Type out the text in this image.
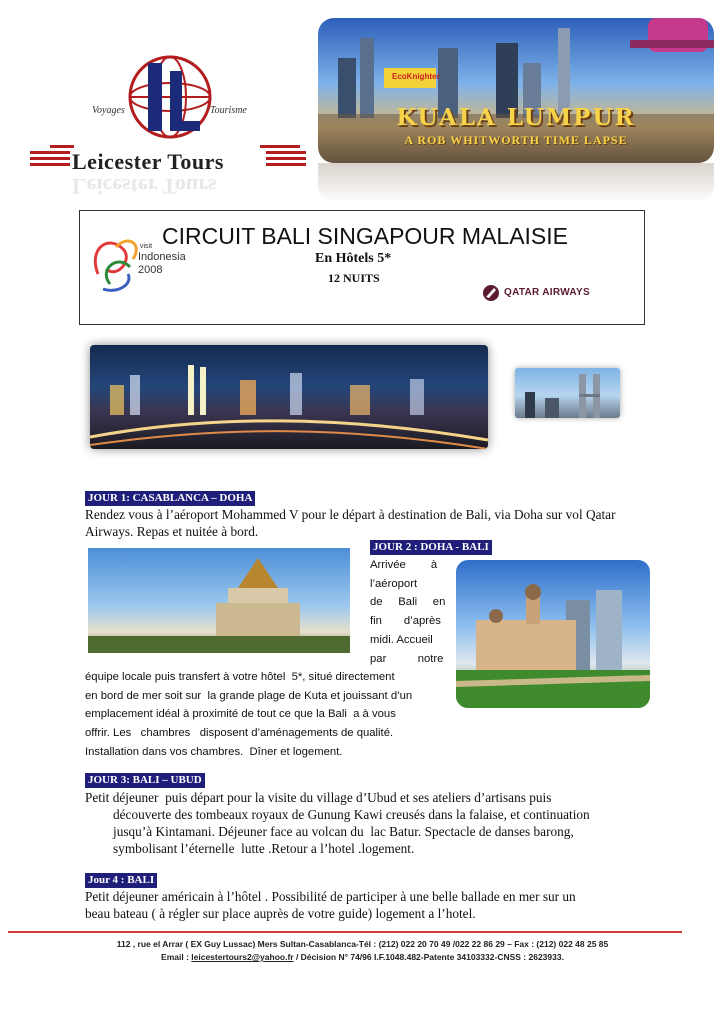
Voyages	Tourisme
Leicester Tours
Leicester Tours
EcoKnighter
KUALA LUMPUR
A ROB WHITWORTH TIME LAPSE
visit
Indonesia
2008
CIRCUIT BALI SINGAPOUR MALAISIE
En Hôtels 5*
12 NUITS
QATAR AIRWAYS
JOUR 1: CASABLANCA – DOHA
Rendez vous à l’aéroport Mohammed V pour le départ à destination de Bali, via Doha sur vol Qatar Airways. Repas et nuitée à bord.
JOUR 2 : DOHA - BALI
Arrivée        à
l’aéroport
de     Bali     en
fin       d’après
midi. Accueil
par          notre
équipe locale puis transfert à votre hôtel  5*, situé directement
en bord de mer soit sur  la grande plage de Kuta et jouissant d’un
emplacement idéal à proximité de tout ce que la Bali  a à vous
offrir. Les   chambres   disposent d’aménagements de qualité.
Installation dans vos chambres.  Dîner et logement.
JOUR 3: BALI – UBUD
Petit déjeuner  puis départ pour la visite du village d’Ubud et ses ateliers d’artisans puis
découverte des tombeaux royaux de Gunung Kawi creusés dans la falaise, et continuation
jusqu’à Kintamani. Déjeuner face au volcan du  lac Batur. Spectacle de danses barong,
symbolisant l’éternelle  lutte .Retour a l’hotel .logement.
Jour 4 : BALI
Petit déjeuner américain à l’hôtel . Possibilité de participer à une belle ballade en mer sur un
beau bateau ( à régler sur place auprès de votre guide) logement a l’hotel.
112 , rue el Arrar ( EX Guy Lussac) Mers Sultan-Casablanca-Tél : (212) 022 20 70 49 /022 22 86 29 – Fax : (212) 022 48 25 85
Email : leicestertours2@yahoo.fr / Décision N° 74/96 I.F.1048.482-Patente 34103332-CNSS : 2623933.
